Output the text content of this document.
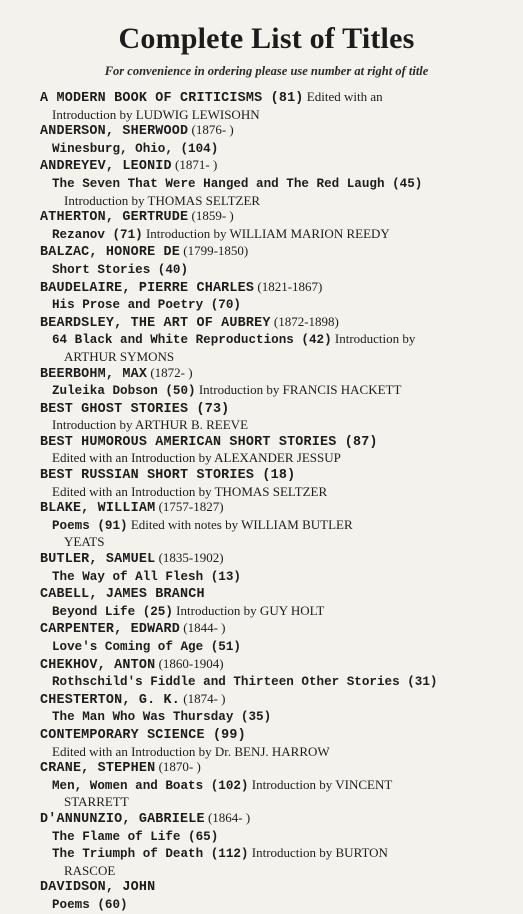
Complete List of Titles
For convenience in ordering please use number at right of title
A MODERN BOOK OF CRITICISMS (81) Edited with an
Introduction by LUDWIG LEWISOHN
ANDERSON, SHERWOOD (1876- )
Winesburg, Ohio, (104)
ANDREYEV, LEONID (1871- )
The Seven That Were Hanged and The Red Laugh (45)
Introduction by THOMAS SELTZER
ATHERTON, GERTRUDE (1859- )
Rezanov (71) Introduction by WILLIAM MARION REEDY
BALZAC, HONORE DE (1799-1850)
Short Stories (40)
BAUDELAIRE, PIERRE CHARLES (1821-1867)
His Prose and Poetry (70)
BEARDSLEY, THE ART OF AUBREY (1872-1898)
64 Black and White Reproductions (42) Introduction by
ARTHUR SYMONS
BEERBOHM, MAX (1872- )
Zuleika Dobson (50) Introduction by FRANCIS HACKETT
BEST GHOST STORIES (73)
Introduction by ARTHUR B. REEVE
BEST HUMOROUS AMERICAN SHORT STORIES (87)
Edited with an Introduction by ALEXANDER JESSUP
BEST RUSSIAN SHORT STORIES (18)
Edited with an Introduction by THOMAS SELTZER
BLAKE, WILLIAM (1757-1827)
Poems (91) Edited with notes by WILLIAM BUTLER
YEATS
BUTLER, SAMUEL (1835-1902)
The Way of All Flesh (13)
CABELL, JAMES BRANCH
Beyond Life (25) Introduction by GUY HOLT
CARPENTER, EDWARD (1844- )
Love's Coming of Age (51)
CHEKHOV, ANTON (1860-1904)
Rothschild's Fiddle and Thirteen Other Stories (31)
CHESTERTON, G. K. (1874- )
The Man Who Was Thursday (35)
CONTEMPORARY SCIENCE (99)
Edited with an Introduction by Dr. BENJ. HARROW
CRANE, STEPHEN (1870- )
Men, Women and Boats (102) Introduction by VINCENT
STARRETT
D'ANNUNZIO, GABRIELE (1864- )
The Flame of Life (65)
The Triumph of Death (112) Introduction by BURTON
RASCOE
DAVIDSON, JOHN
Poems (60)
